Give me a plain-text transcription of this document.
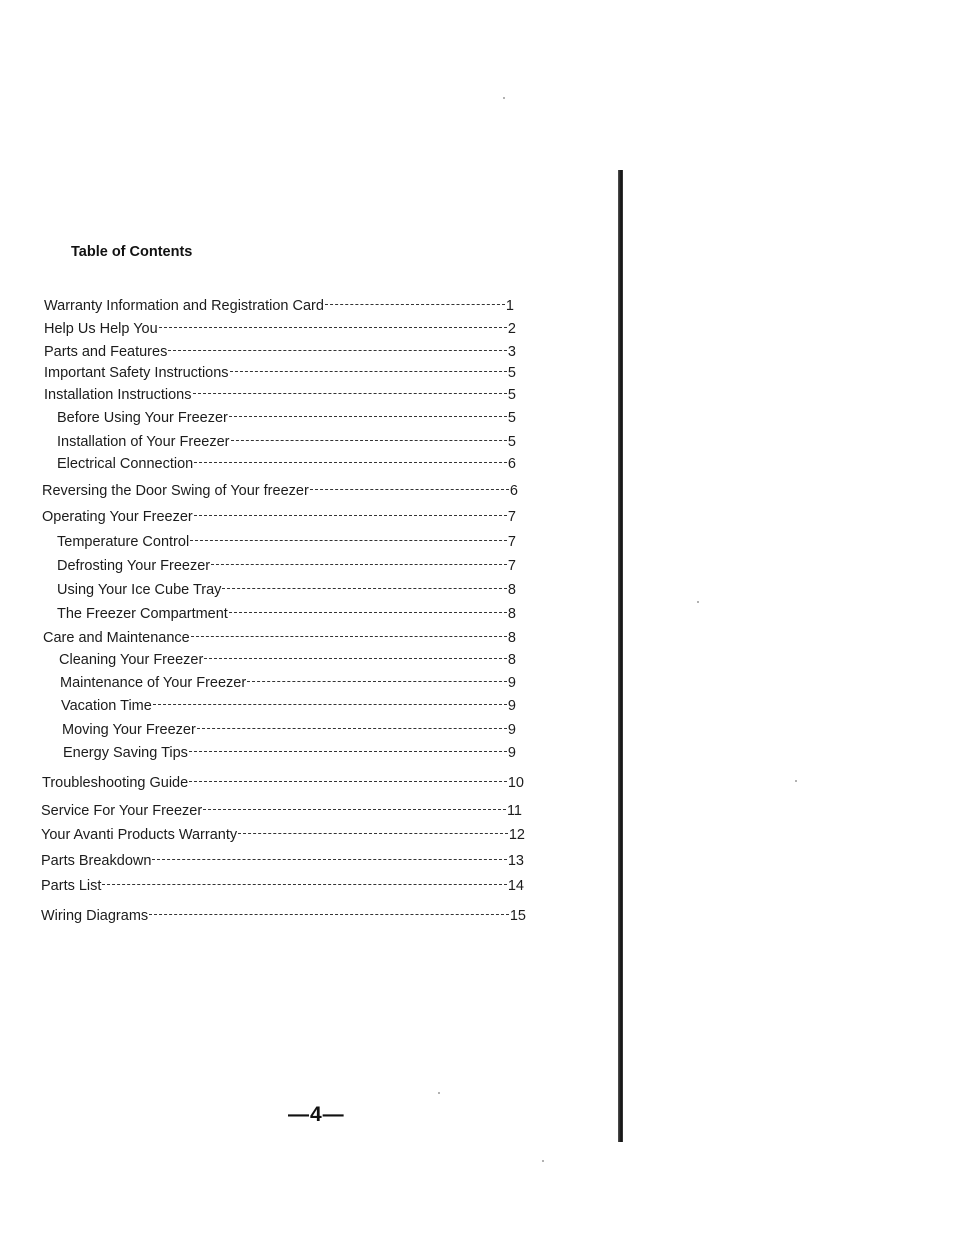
Table of Contents
Warranty Information and Registration Card	1
Help Us Help You	2
Parts and Features	3
Important Safety Instructions	5
Installation Instructions	5
Before Using Your Freezer	5
Installation of Your Freezer	5
Electrical Connection	6
Reversing the Door Swing of Your freezer	6
Operating Your Freezer	7
Temperature Control	7
Defrosting Your Freezer	7
Using Your Ice Cube Tray	8
The Freezer Compartment	8
Care and Maintenance	8
Cleaning Your Freezer	8
Maintenance of Your Freezer	9
Vacation Time	9
Moving Your Freezer	9
Energy Saving Tips	9
Troubleshooting Guide	10
Service For Your Freezer	11
Your Avanti Products Warranty	12
Parts Breakdown	13
Parts List	14
Wiring Diagrams	15
—4—
